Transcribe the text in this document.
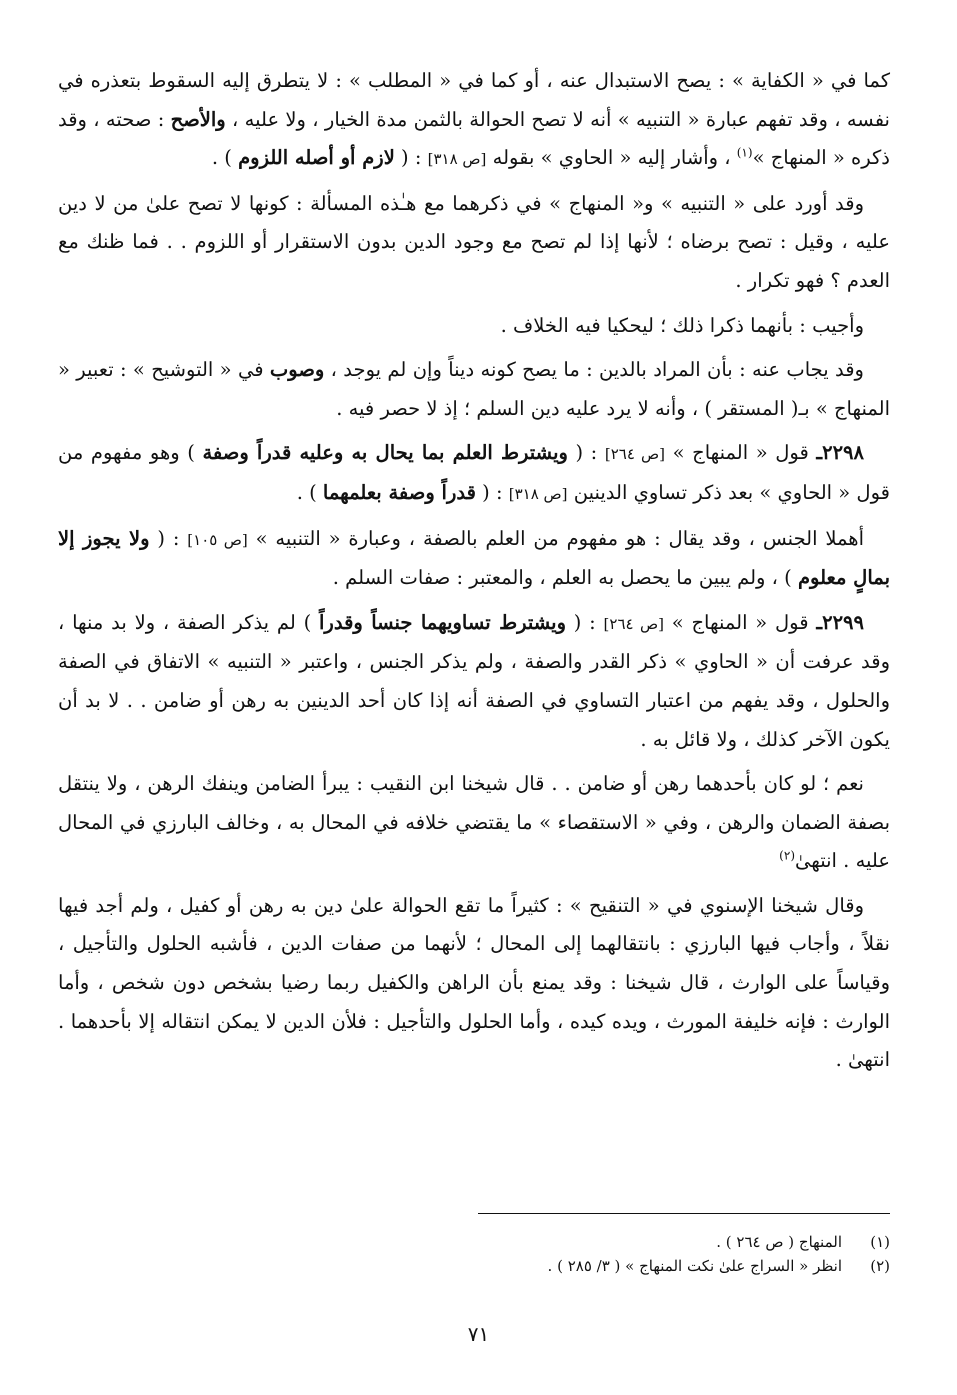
كما في « الكفاية » : يصح الاستبدال عنه ، أو كما في « المطلب » : لا يتطرق إليه السقوط بتعذره في نفسه ، وقد تفهم عبارة « التنبيه » أنه لا تصح الحوالة بالثمن مدة الخيار ، ولا عليه ، والأصح : صحته ، وقد ذكره « المنهاج »$^{(١)}$ ، وأشار إليه « الحاوي » بقوله [ص ٣١٨] : ( لازم أو أصله اللزوم ) .

وقد أورد على « التنبيه » و« المنهاج » في ذكرهما مع هـٰذه المسألة : كونها لا تصح علىٰ من لا دين عليه ، وقيل : تصح برضاه ؛ لأنها إذا لم تصح مع وجود الدين بدون الاستقرار أو اللزوم . . فما ظنك مع العدم ؟ فهو تكرار .

وأجيب : بأنهما ذكرا ذلك ؛ ليحكيا فيه الخلاف .

وقد يجاب عنه : بأن المراد بالدين : ما يصح كونه ديناً وإن لم يوجد ، وصوب في « التوشيح » : تعبير « المنهاج » بـ( المستقر ) ، وأنه لا يرد عليه دين السلم ؛ إذ لا حصر فيه .

٢٢٩٨ـ قول « المنهاج » [ص ٢٦٤] : ( ويشترط العلم بما يحال به وعليه قدراً وصفة ) وهو مفهوم من قول « الحاوي » بعد ذكر تساوي الدينين [ص ٣١٨] : ( قدراً وصفة بعلمهما ) .

أهملا الجنس ، وقد يقال : هو مفهوم من العلم بالصفة ، وعبارة « التنبيه » [ص ١٠٥] : ( ولا يجوز إلا بمالٍ معلوم ) ، ولم يبين ما يحصل به العلم ، والمعتبر : صفات السلم .

٢٢٩٩ـ قول « المنهاج » [ص ٢٦٤] : ( ويشترط تساويهما جنساً وقدراً ) لم يذكر الصفة ، ولا بد منها ، وقد عرفت أن « الحاوي » ذكر القدر والصفة ، ولم يذكر الجنس ، واعتبر « التنبيه » الاتفاق في الصفة والحلول ، وقد يفهم من اعتبار التساوي في الصفة أنه إذا كان أحد الدينين به رهن أو ضامن . . لا بد أن يكون الآخر كذلك ، ولا قائل به .

نعم ؛ لو كان بأحدهما رهن أو ضامن . . قال شيخنا ابن النقيب : يبرأ الضامن وينفك الرهن ، ولا ينتقل بصفة الضمان والرهن ، وفي « الاستقصاء » ما يقتضي خلافه في المحال به ، وخالف البارزي في المحال عليه . انتهىٰ$^{(٢)}$

وقال شيخنا الإسنوي في « التنقيح » : كثيراً ما تقع الحوالة علىٰ دين به رهن أو كفيل ، ولم أجد فيها نقلاً ، وأجاب فيها البارزي : بانتقالهما إلى المحال ؛ لأنهما من صفات الدين ، فأشبه الحلول والتأجيل ، وقياساً على الوارث ، قال شيخنا : وقد يمنع بأن الراهن والكفيل ربما رضيا بشخص دون شخص ، وأما الوارث : فإنه خليفة المورث ، ويده كيده ، وأما الحلول والتأجيل : فلأن الدين لا يمكن انتقاله إلا بأحدهما . انتهىٰ .

(١)
المنهاج ( ص ٢٦٤ ) .
(٢)
انظر « السراج علىٰ نكت المنهاج » ( ٣/ ٢٨٥ ) .
٧١
